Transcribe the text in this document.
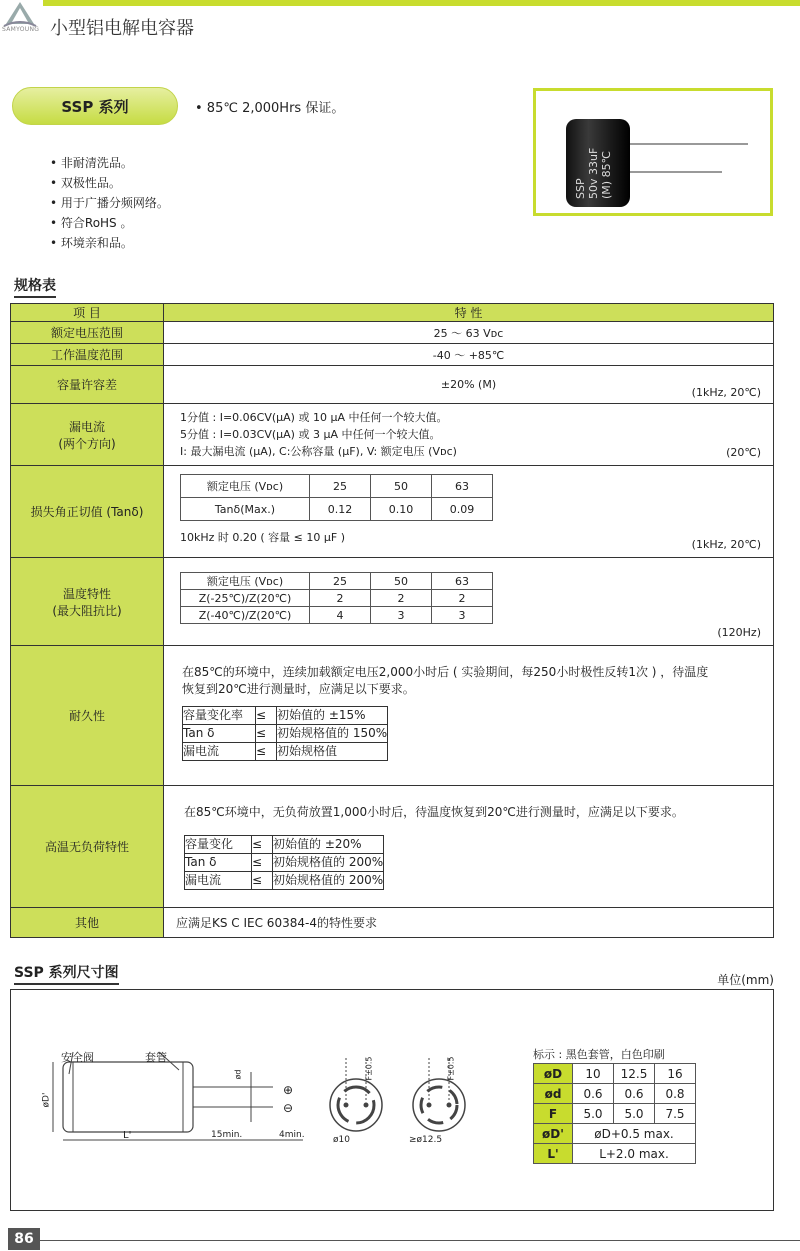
SAMYOUNG 小型铝电解电容器
SSP 系列	• 85℃ 2,000Hrs 保证。
• 非耐清洗品。
• 双极性品。
• 用于广播分频网络。
• 符合RoHS 。
• 环境亲和品。
SSP 50v 33uF (M) 85℃
规格表
项 目	特 性
额定电压范围	25 ～ 63 Vᴅᴄ
工作温度范围	-40 ～ +85℃
容量许容差	±20% (M)
(1kHz, 20℃)

漏电流
(两个方向)

1分值 : I=0.06CV(μA) 或 10 μA 中任何一个较大值。
5分值 : I=0.03CV(μA) 或 3 μA 中任何一个较大值。
I: 最大漏电流 (μA), C:公称容量 (μF), V: 额定电压 (Vᴅᴄ)	(20℃)

损失角正切值 (Tanδ)	
额定电压 (Vᴅᴄ)	25	50	63
Tanδ(Max.)	0.12	0.10	0.09
10kHz 时 0.20 ( 容量 ≤ 10 μF )
(1kHz, 20℃)

温度特性
(最大阻抗比)

额定电压 (Vᴅᴄ)	25	50	63
Z(-25℃)/Z(20℃)	2	2	2
Z(-40℃)/Z(20℃)	4	3	3
(120Hz)

耐久性	
在85℃的环境中，连续加载额定电压2,000小时后 ( 实验期间，每250小时极性反转1次 ) ，待温度
恢复到20℃进行测量时，应满足以下要求。
容量变化率	≤	初始值的 ±15%
Tan δ	≤	初始规格值的 150%
漏电流	≤	初始规格值

高温无负荷特性	
在85℃环境中，无负荷放置1,000小时后，待温度恢复到20℃进行测量时，应满足以下要求。
容量变化	≤	初始值的 ±20%
Tan δ	≤	初始规格值的 200%
漏电流	≤	初始规格值的 200%

其他	应满足KS C IEC 60384-4的特性要求
SSP 系列尺寸图	单位(mm)
安全阀	套管
øD'
L'	15min.	4min.
ød
⊕
⊖
F±0.5	F±0.5
ø10	≥ø12.5
标示 : 黑色套管，白色印刷
øD	10	12.5	16
ød	0.6	0.6	0.8
F	5.0	5.0	7.5
øD'	øD+0.5 max.		
L'	L+2.0 max.		
86
